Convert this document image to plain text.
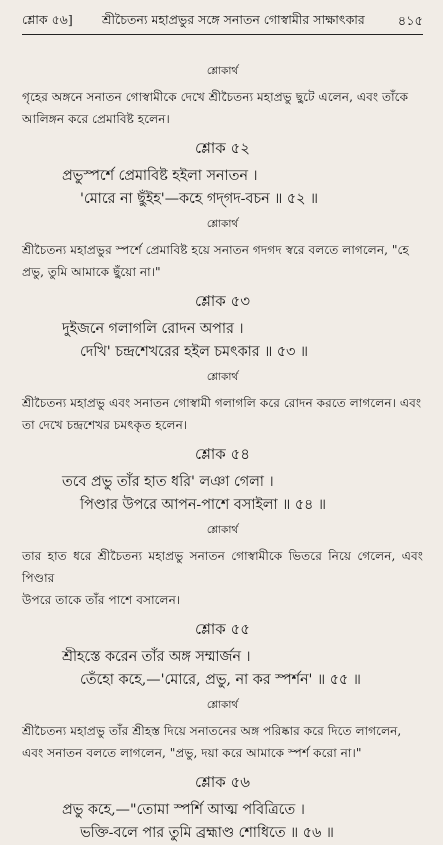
শ্লোক ৫৬] শ্রীচৈতন্য মহাপ্রভুর সঙ্গে সনাতন গোস্বামীর সাক্ষাৎকার	৪১৫
শ্লোকার্থ

গৃহের অঙ্গনে সনাতন গোস্বামীকে দেখে শ্রীচৈতন্য মহাপ্রভু ছুটে এলেন, এবং তাঁকে
আলিঙ্গন করে প্রেমাবিষ্ট হলেন।

শ্লোক ৫২
প্রভুস্পর্শে প্রেমাবিষ্ট হইলা সনাতন ।
'মোরে না ছুঁইহ'—কহে গদ্‌গদ-বচন ॥ ৫২ ॥
শ্লোকার্থ

শ্রীচৈতন্য মহাপ্রভুর স্পর্শে প্রেমাবিষ্ট হয়ে সনাতন গদগদ স্বরে বলতে লাগলেন, "হে
প্রভু, তুমি আমাকে ছুঁয়ো না।"

শ্লোক ৫৩
দুইজনে গলাগলি রোদন অপার ।
দেখি' চন্দ্রশেখরের হইল চমৎকার ॥ ৫৩ ॥
শ্লোকার্থ

শ্রীচৈতন্য মহাপ্রভু এবং সনাতন গোস্বামী গলাগলি করে রোদন করতে লাগলেন। এবং
তা দেখে চন্দ্রশেখর চমৎকৃত হলেন।

শ্লোক ৫৪
তবে প্রভু তাঁর হাত ধরি' লঞা গেলা ।
পিণ্ডার উপরে আপন-পাশে বসাইলা ॥ ৫৪ ॥
শ্লোকার্থ

তার হাত ধরে শ্রীচৈতন্য মহাপ্রভু সনাতন গোস্বামীকে ভিতরে নিয়ে গেলেন, এবং পিণ্ডার
উপরে তাকে তাঁর পাশে বসালেন।

শ্লোক ৫৫
শ্রীহস্তে করেন তাঁর অঙ্গ সম্মার্জন ।
তেঁহো কহে,—'মোরে, প্রভু, না কর স্পর্শন' ॥ ৫৫ ॥
শ্লোকার্থ

শ্রীচৈতন্য মহাপ্রভু তাঁর শ্রীহস্ত দিয়ে সনাতনের অঙ্গ পরিষ্কার করে দিতে লাগলেন,
এবং সনাতন বলতে লাগলেন, "প্রভু, দয়া করে আমাকে স্পর্শ করো না।"

শ্লোক ৫৬
প্রভু কহে,—"তোমা স্পর্শি আত্ম পবিত্রিতে ।
ভক্তি-বলে পার তুমি ব্রহ্মাণ্ড শোধিতে ॥ ৫৬ ॥
